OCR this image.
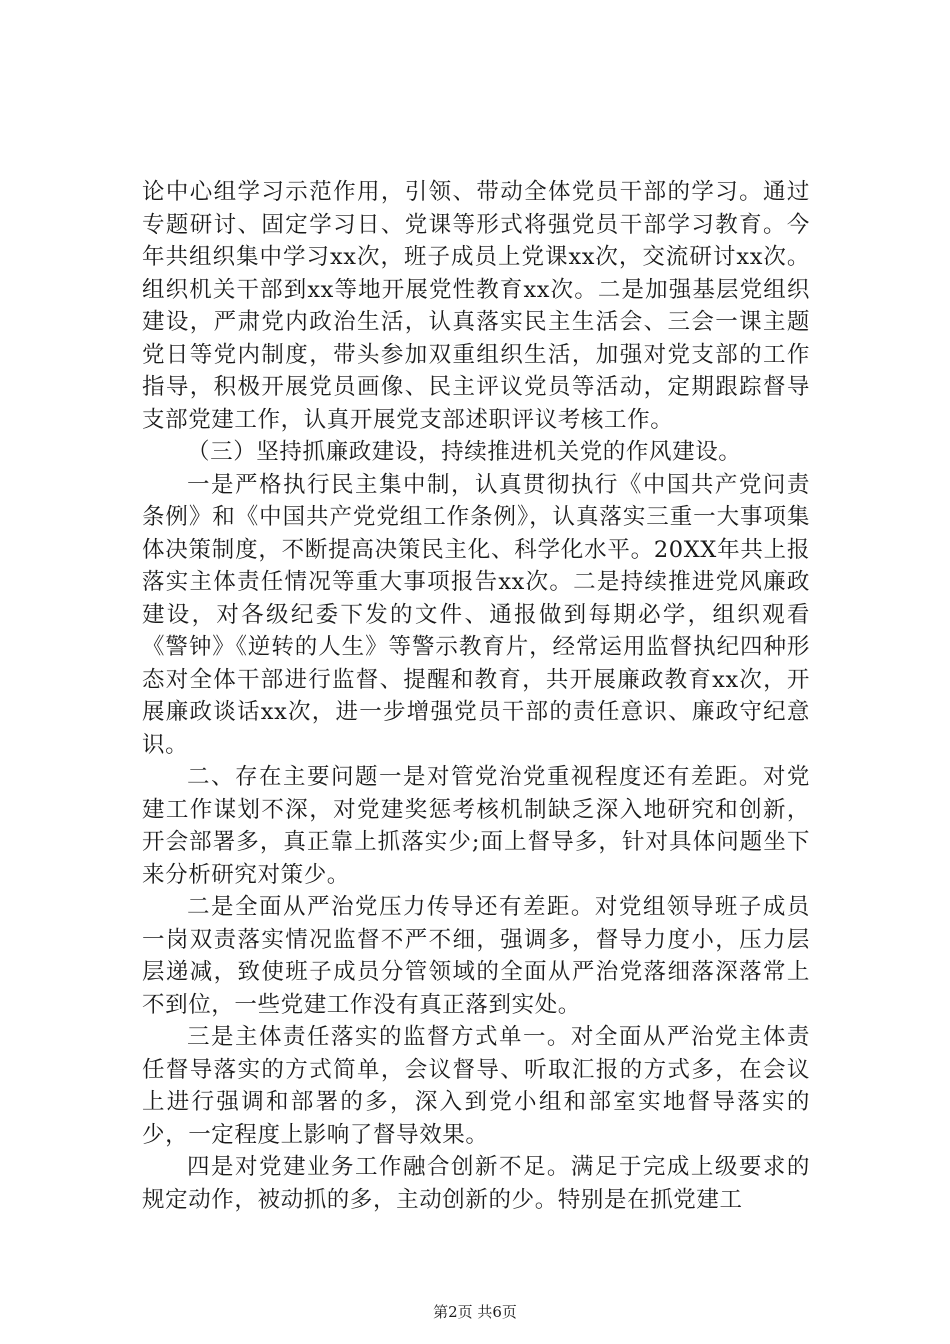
论中心组学习示范作用，引领、带动全体党员干部的学习。通过专题研讨、固定学习日、党课等形式将强党员干部学习教育。今年共组织集中学习xx次，班子成员上党课xx次，交流研讨xx次。组织机关干部到xx等地开展党性教育xx次。二是加强基层党组织建设，严肃党内政治生活，认真落实民主生活会、三会一课主题党日等党内制度，带头参加双重组织生活，加强对党支部的工作指导，积极开展党员画像、民主评议党员等活动，定期跟踪督导支部党建工作，认真开展党支部述职评议考核工作。

（三）坚持抓廉政建设，持续推进机关党的作风建设。

一是严格执行民主集中制，认真贯彻执行《中国共产党问责条例》和《中国共产党党组工作条例》，认真落实三重一大事项集体决策制度，不断提高决策民主化、科学化水平。20XX年共上报落实主体责任情况等重大事项报告xx次。二是持续推进党风廉政建设，对各级纪委下发的文件、通报做到每期必学，组织观看《警钟》《逆转的人生》等警示教育片，经常运用监督执纪四种形态对全体干部进行监督、提醒和教育，共开展廉政教育xx次，开展廉政谈话xx次，进一步增强党员干部的责任意识、廉政守纪意识。

二、存在主要问题一是对管党治党重视程度还有差距。对党建工作谋划不深，对党建奖惩考核机制缺乏深入地研究和创新，开会部署多，真正靠上抓落实少;面上督导多，针对具体问题坐下来分析研究对策少。

二是全面从严治党压力传导还有差距。对党组领导班子成员一岗双责落实情况监督不严不细，强调多，督导力度小，压力层层递减，致使班子成员分管领域的全面从严治党落细落深落常上不到位，一些党建工作没有真正落到实处。

三是主体责任落实的监督方式单一。对全面从严治党主体责任督导落实的方式简单，会议督导、听取汇报的方式多，在会议上进行强调和部署的多，深入到党小组和部室实地督导落实的少，一定程度上影响了督导效果。

四是对党建业务工作融合创新不足。满足于完成上级要求的规定动作，被动抓的多，主动创新的少。特别是在抓党建工

第2页 共6页
